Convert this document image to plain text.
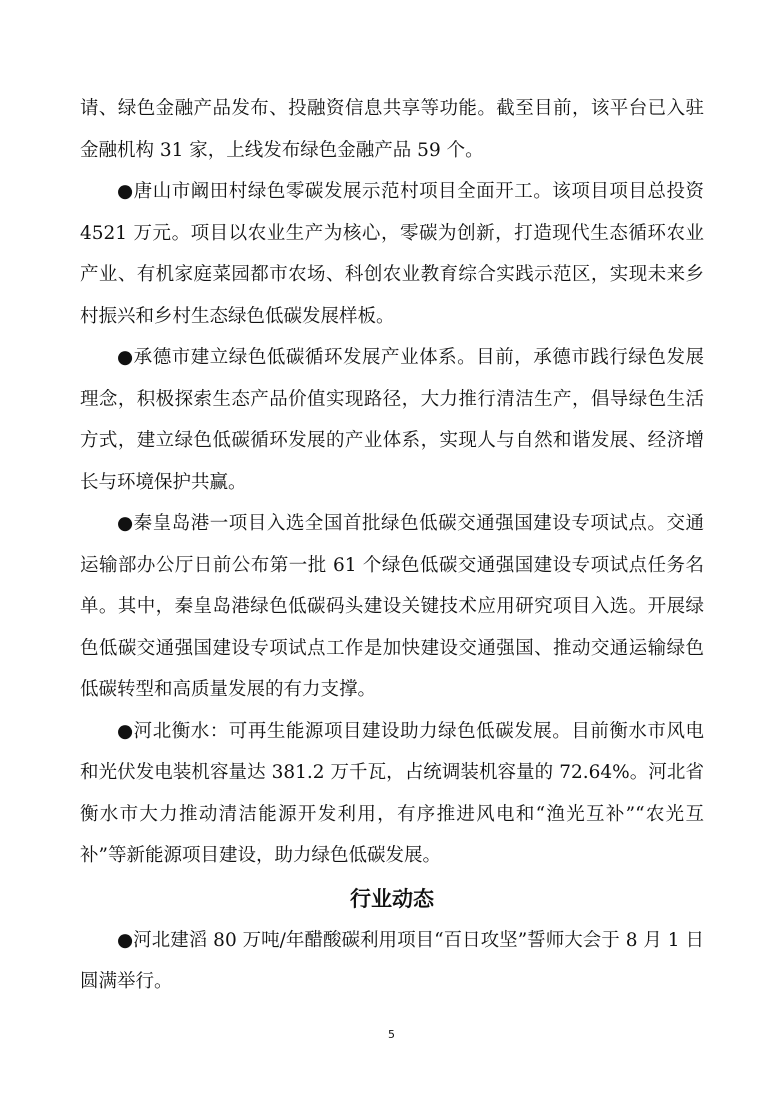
请、绿色金融产品发布、投融资信息共享等功能。截至目前，该平台已入驻金融机构 31 家，上线发布绿色金融产品 59 个。

●唐山市阚田村绿色零碳发展示范村项目全面开工。该项目项目总投资 4521 万元。项目以农业生产为核心，零碳为创新，打造现代生态循环农业产业、有机家庭菜园都市农场、科创农业教育综合实践示范区，实现未来乡村振兴和乡村生态绿色低碳发展样板。

●承德市建立绿色低碳循环发展产业体系。目前，承德市践行绿色发展理念，积极探索生态产品价值实现路径，大力推行清洁生产，倡导绿色生活方式，建立绿色低碳循环发展的产业体系，实现人与自然和谐发展、经济增长与环境保护共赢。

●秦皇岛港一项目入选全国首批绿色低碳交通强国建设专项试点。交通运输部办公厅日前公布第一批 61 个绿色低碳交通强国建设专项试点任务名单。其中，秦皇岛港绿色低碳码头建设关键技术应用研究项目入选。开展绿色低碳交通强国建设专项试点工作是加快建设交通强国、推动交通运输绿色低碳转型和高质量发展的有力支撑。

●河北衡水：可再生能源项目建设助力绿色低碳发展。目前衡水市风电和光伏发电装机容量达 381.2 万千瓦，占统调装机容量的 72.64%。河北省衡水市大力推动清洁能源开发利用，有序推进风电和“渔光互补”“农光互补”等新能源项目建设，助力绿色低碳发展。

行业动态

●河北建滔 80 万吨/年醋酸碳利用项目“百日攻坚”誓师大会于 8 月 1 日圆满举行。

5
